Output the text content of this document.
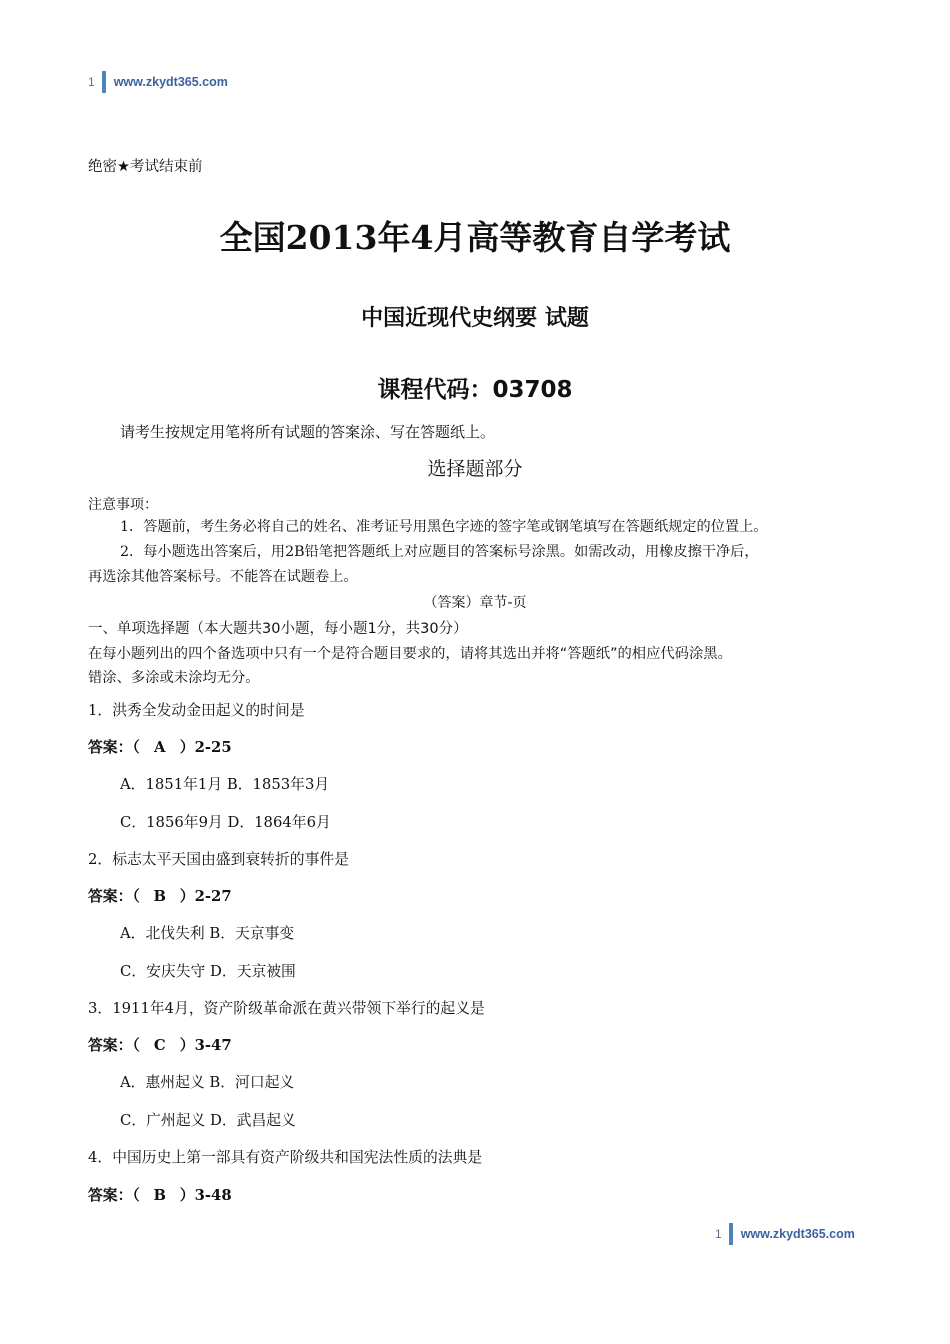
1 www.zkydt365.com
绝密★考试结束前
全国2013年4月高等教育自学考试
中国近现代史纲要 试题
课程代码：03708
请考生按规定用笔将所有试题的答案涂、写在答题纸上。
选择题部分
注意事项：
1．答题前，考生务必将自己的姓名、准考证号用黑色字迹的签字笔或钢笔填写在答题纸规定的位置上。
2．每小题选出答案后，用2B铅笔把答题纸上对应题目的答案标号涂黑。如需改动，用橡皮擦干净后，
再选涂其他答案标号。不能答在试题卷上。
（答案）章节-页
一、单项选择题（本大题共30小题，每小题1分，共30分）
在每小题列出的四个备选项中只有一个是符合题目要求的，请将其选出并将“答题纸”的相应代码涂黑。
错涂、多涂或未涂均无分。
1．洪秀全发动金田起义的时间是
答案：（ A ）2-25
A．1851年1月 B．1853年3月
C．1856年9月 D．1864年6月
2．标志太平天国由盛到衰转折的事件是
答案：（ B ）2-27
A．北伐失利 B．天京事变
C．安庆失守 D．天京被围
3．1911年4月，资产阶级革命派在黄兴带领下举行的起义是
答案：（ C ）3-47
A．惠州起义 B．河口起义
C．广州起义 D．武昌起义
4．中国历史上第一部具有资产阶级共和国宪法性质的法典是
答案：（ B ）3-48
1 www.zkydt365.com
